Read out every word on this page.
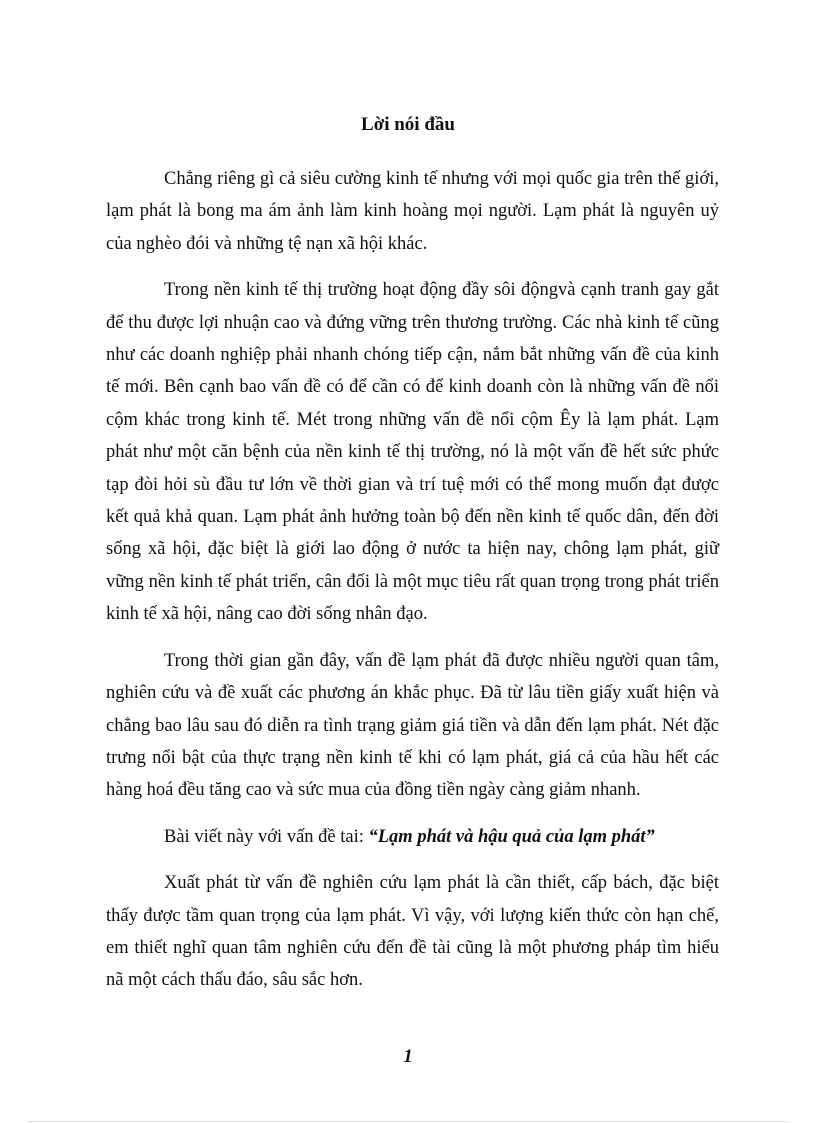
Lời nói đầu

Chẳng riêng gì cả siêu cường kinh tế nhưng với mọi quốc gia trên thế giới, lạm phát là bong ma ám ảnh làm kinh hoàng mọi người. Lạm phát là nguyên uỷ của nghèo đói và những tệ nạn xã hội khác.

Trong nền kinh tế thị trường hoạt động đầy sôi độngvà cạnh tranh gay gắt để thu được lợi nhuận cao và đứng vững trên thương trường. Các nhà kinh tế cũng như các doanh nghiệp phải nhanh chóng tiếp cận, nắm bắt những vấn đề của kinh tế mới. Bên cạnh bao vấn đề có để cần có để kinh doanh còn là những vấn đề nổi cộm khác trong kinh tế. Mét trong những vấn đề nổi cộm Êy là lạm phát. Lạm phát như một căn bệnh của nền kinh tế thị trường, nó là một vấn đề hết sức phức tạp đòi hỏi sù đầu tư lớn về thời gian và trí tuệ mới có thể mong muốn đạt được kết quả khả quan. Lạm phát ảnh hưởng toàn bộ đến nền kinh tế quốc dân, đến đời sống xã hội, đặc biệt là giới lao động ở nước ta hiện nay, chông lạm phát, giữ vững nền kinh tế phát triển, cân đối là một mục tiêu rất quan trọng trong phát triển kinh tế xã hội, nâng cao đời sống nhân đạo.

Trong thời gian gần đây, vấn đề lạm phát đã được nhiều người quan tâm, nghiên cứu và đề xuất các phương án khắc phục. Đã từ lâu tiền giấy xuất hiện và chẳng bao lâu sau đó diễn ra tình trạng giảm giá tiền và dẫn đến lạm phát. Nét đặc trưng nổi bật của thực trạng nền kinh tế khi có lạm phát, giá cả của hầu hết các hàng hoá đều tăng cao và sức mua của đồng tiền ngày càng giảm nhanh.

Bài viết này với vấn đề tai: “Lạm phát và hậu quả của lạm phát”

Xuất phát từ vấn đề nghiên cứu lạm phát là cần thiết, cấp bách, đặc biệt thấy được tầm quan trọng của lạm phát. Vì vậy, với lượng kiến thức còn hạn chế, em thiết nghĩ quan tâm nghiên cứu đến đề tài cũng là một phương pháp tìm hiểu nã một cách thấu đáo, sâu sắc hơn.

1
